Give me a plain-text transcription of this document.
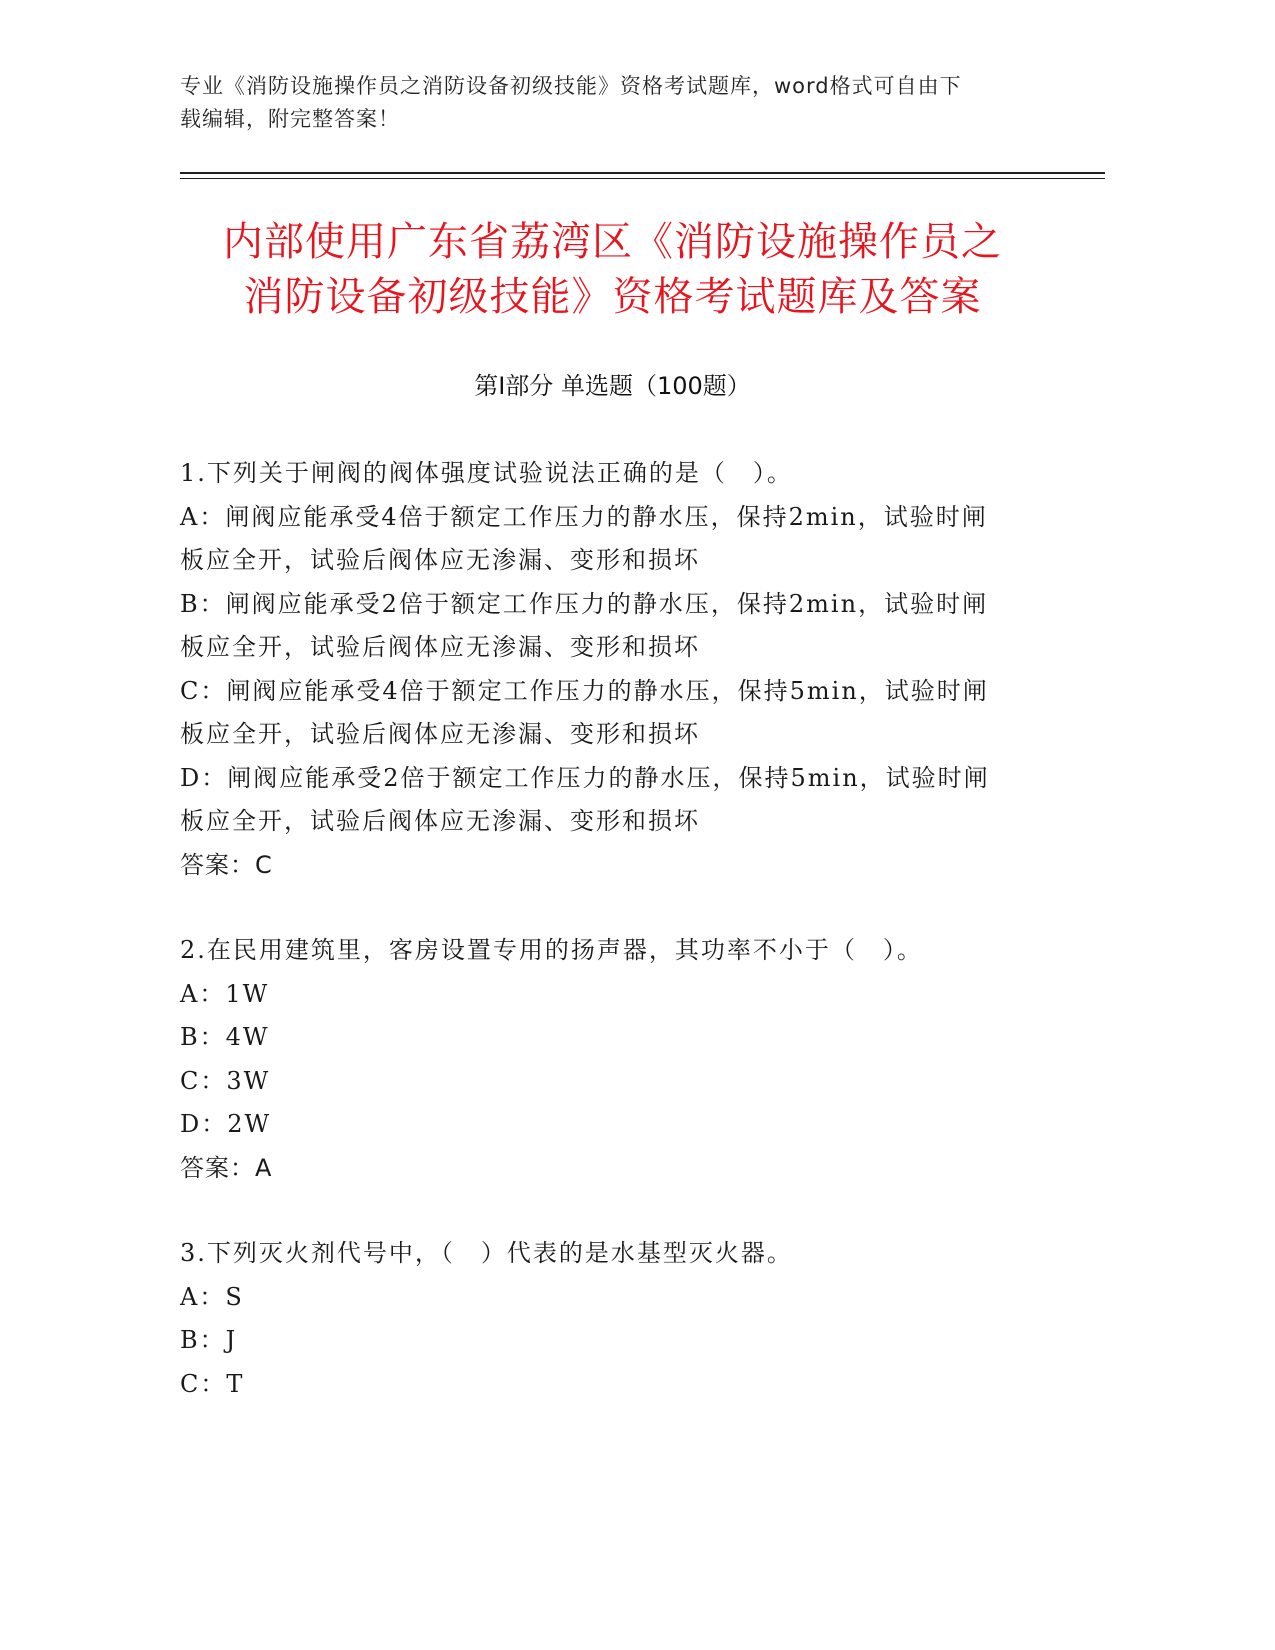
专业《消防设施操作员之消防设备初级技能》资格考试题库，word格式可自由下
载编辑，附完整答案！
内部使用广东省荔湾区《消防设施操作员之
消防设备初级技能》资格考试题库及答案
第Ⅰ部分 单选题（100题）
1.下列关于闸阀的阀体强度试验说法正确的是（　）。
A：闸阀应能承受4倍于额定工作压力的静水压，保持2min，试验时闸
板应全开，试验后阀体应无渗漏、变形和损坏
B：闸阀应能承受2倍于额定工作压力的静水压，保持2min，试验时闸
板应全开，试验后阀体应无渗漏、变形和损坏
C：闸阀应能承受4倍于额定工作压力的静水压，保持5min，试验时闸
板应全开，试验后阀体应无渗漏、变形和损坏
D：闸阀应能承受2倍于额定工作压力的静水压，保持5min，试验时闸
板应全开，试验后阀体应无渗漏、变形和损坏
答案：C
2.在民用建筑里，客房设置专用的扬声器，其功率不小于（　）。
A：1W
B：4W
C：3W
D：2W
答案：A
3.下列灭火剂代号中，（　）代表的是水基型灭火器。
A：S
B：J
C：T
